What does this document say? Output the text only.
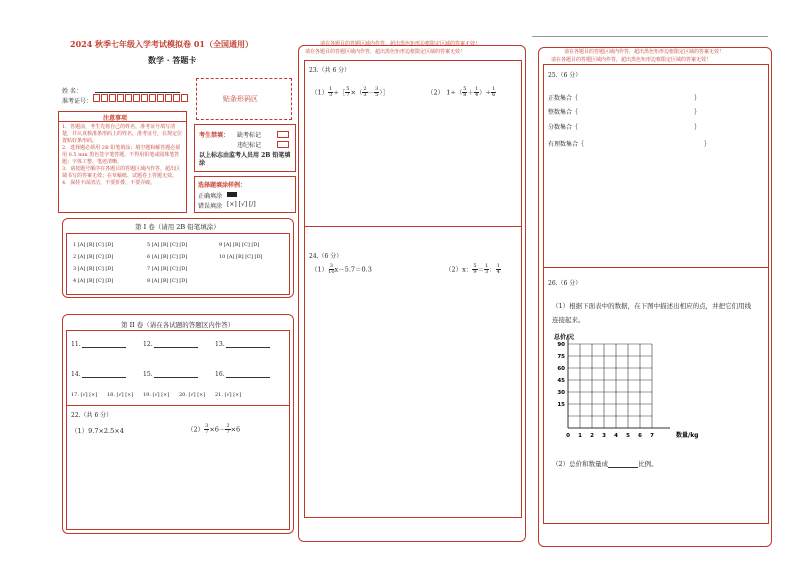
2024 秋季七年级入学考试模拟卷 01（全国通用）
数学 · 答题卡
姓 名：
准考证号：	贴条形码区
注意事项
1．答题前，考生先将自己的姓名，准考证号填写清楚，并认真核准条形码上的姓名、准考证号，在规定位置贴好条形码。
2．选择题必须用 2B 铅笔填涂；填空题和解答题必须用 0.5 mm 黑色签字笔答题，不得用铅笔或圆珠笔答题；字体工整、笔迹清晰。
3．请按题号顺序在各题目的答题区域内作答，超出区域书写的答案无效；在草稿纸、试题卷上答题无效。
4．保持卡面清洁，不要折叠、不要弄破。
考生禁填： 缺考标记
违纪标记
以上标志由监考人员用 2B 铅笔填涂
选择题填涂样例：
正确填涂
错误填涂 [×] [√] [/]
第 I 卷（请用 2B 铅笔填涂）
1 [A] [B] [C] [D]
2 [A] [B] [C] [D]
3 [A] [B] [C] [D]
4 [A] [B] [C] [D]
5 [A] [B] [C] [D]
6 [A] [B] [C] [D]
7 [A] [B] [C] [D]
8 [A] [B] [C] [D]
9 [A] [B] [C] [D]
10 [A] [B] [C] [D]
第 II 卷（请在各试题的答题区内作答）
11.	12.	13.
14.	15.	16.
17. [√] [×] 18. [√] [×] 19. [√] [×] 20. [√] [×] 21. [√] [×]
22.（共 6 分）
（1）9.7×2.5×4	$(2) \frac{3}{7} \times 6- \frac{2}{7} \times 6$
请在各题目的答题区域内作答，超出黑色矩形边框限定区域的答案无效！
请在各题目的答题区域内作答，超出黑色矩形边框限定区域的答案无效！	请在各题目的答题区域内作答，超出黑色矩形边框限定区域的答案无效！
请在各题目的答题区域内作答，超出黑色矩形边框限定区域的答案无效！
23.（共 6 分）
$(1) \frac{1}{3}$ ÷［ $\frac{5}{7}$ ×（ $\frac{2}{3} - \frac{3}{5}$ ）］	（2） $1\div( \frac{5}{8} + \frac{1}{4}$ ）÷ $\frac{1}{6}$
24.（6 分）
$(1) \frac{3}{10} x-5.7=0.3$	（2）x： $\frac{5}{9} = \frac{1}{3}$ ： $\frac{1}{4}$
25.（6 分）
正数集合｛	｝
整数集合｛	｝
分数集合｛	｝
有理数集合｛	｝
26.（6 分）
（1）根据下面表中的数据，在下图中描述出相应的点，并把它们用线
连接起来。
总价/元
90
75
60
45
30
15
0 1 2 3 4 5 6 7	数量/kg
（2）总价和数量成	比例。
